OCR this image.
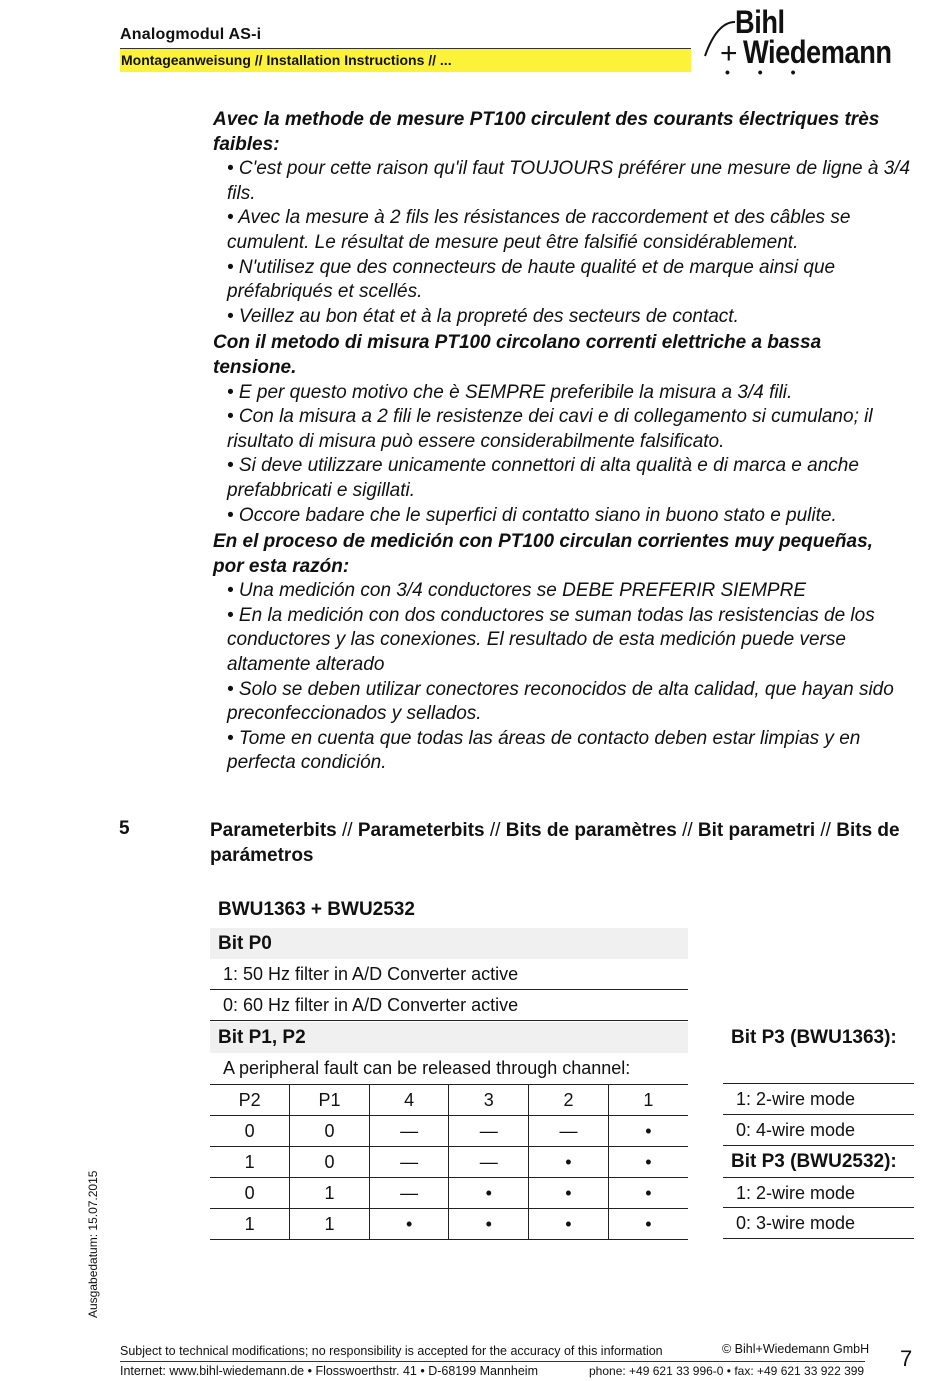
Analogmodul AS-i
Montageanweisung // Installation Instructions // ...
Bihl
+ Wiedemann
• • •
Avec la methode de mesure PT100 circulent des courants électriques très faibles:
• C'est pour cette raison qu'il faut TOUJOURS préférer une mesure de ligne à 3/4 fils.
• Avec la mesure à 2 fils les résistances de raccordement et des câbles se cumulent. Le résultat de mesure peut être falsifié considérablement.
• N'utilisez que des connecteurs de haute qualité et de marque ainsi que préfabriqués et scellés.
• Veillez au bon état et à la propreté des secteurs de contact.
Con il metodo di misura PT100 circolano correnti elettriche a bassa tensione.
• E per questo motivo che è SEMPRE preferibile la misura a 3/4 fili.
• Con la misura a 2 fili le resistenze dei cavi e di collegamento si cumulano; il risultato di misura può essere considerabilmente falsificato.
• Si deve utilizzare unicamente connettori di alta qualità e di marca e anche prefabbricati e sigillati.
• Occore badare che le superfici di contatto siano in buono stato e pulite.
En el proceso de medición con PT100 circulan corrientes muy pequeñas, por esta razón:
• Una medición con 3/4 conductores se DEBE PREFERIR SIEMPRE
• En la medición con dos conductores se suman todas las resistencias de los conductores y las conexiones. El resultado de esta medición puede verse altamente alterado
• Solo se deben utilizar conectores reconocidos de alta calidad, que hayan sido preconfeccionados y sellados.
• Tome en cuenta que todas las áreas de contacto deben estar limpias y en perfecta condición.
5	Parameterbits // Parameterbits // Bits de paramètres // Bit parametri // Bits de parámetros
BWU1363 + BWU2532
Bit P0
1: 50 Hz filter in A/D Converter active
0: 60 Hz filter in A/D Converter active
Bit P1, P2
A peripheral fault can be released through channel:
P2	P1	4	3	2	1
0	0	—	—	—	•
1	0	—	—	•	•
0	1	—	•	•	•
1	1	•	•	•	•
Bit P3 (BWU1363):
1: 2-wire mode
0: 4-wire mode
Bit P3 (BWU2532):
1: 2-wire mode
0: 3-wire mode
Ausgabedatum: 15.07.2015
Subject to technical modifications; no responsibility is accepted for the accuracy of this information	© Bihl+Wiedemann GmbH
Internet: www.bihl-wiedemann.de • Flosswoerthstr. 41 • D-68199 Mannheim	phone: +49 621 33 996-0 • fax: +49 621 33 922 399 7
